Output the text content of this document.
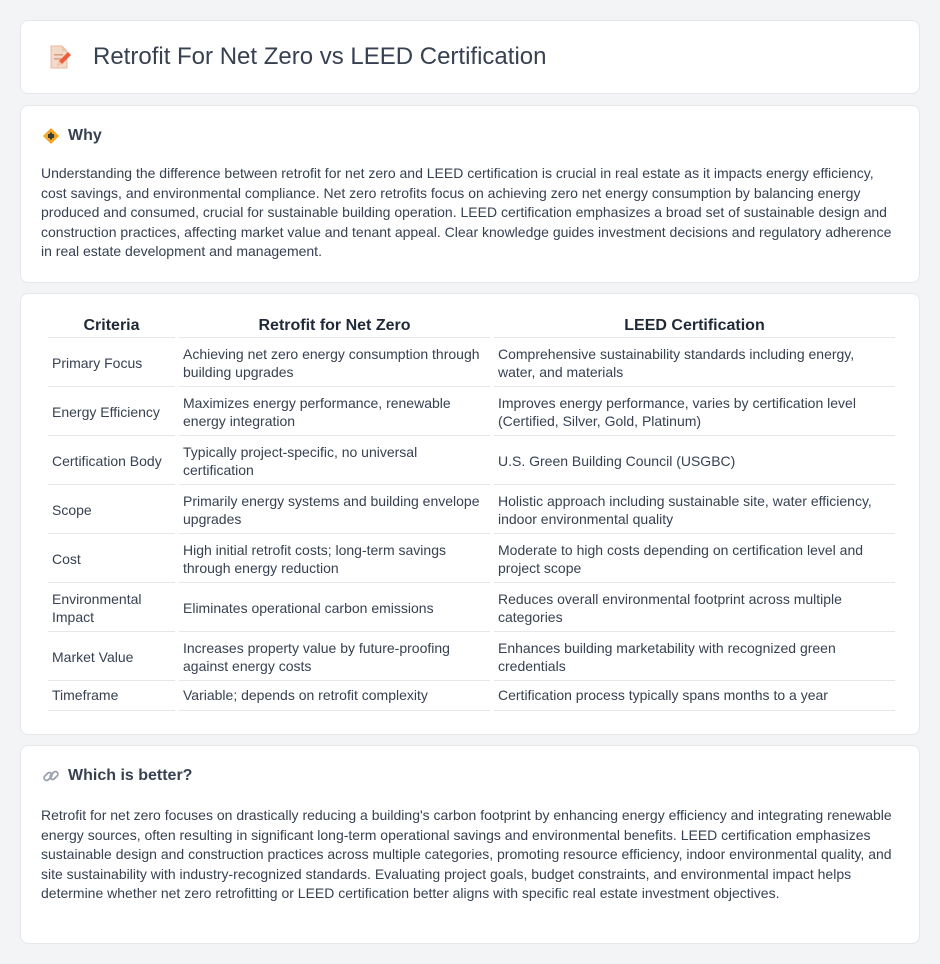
Retrofit For Net Zero vs LEED Certification
Why

Understanding the difference between retrofit for net zero and LEED certification is crucial in real estate as it impacts energy efficiency, cost savings, and environmental compliance. Net zero retrofits focus on achieving zero net energy consumption by balancing energy produced and consumed, crucial for sustainable building operation. LEED certification emphasizes a broad set of sustainable design and construction practices, affecting market value and tenant appeal. Clear knowledge guides investment decisions and regulatory adherence in real estate development and management.

Criteria	Retrofit for Net Zero	LEED Certification
Primary Focus	Achieving net zero energy consumption through building upgrades	Comprehensive sustainability standards including energy, water, and materials
Energy Efficiency	Maximizes energy performance, renewable energy integration	Improves energy performance, varies by certification level (Certified, Silver, Gold, Platinum)
Certification Body	Typically project-specific, no universal certification	U.S. Green Building Council (USGBC)
Scope	Primarily energy systems and building envelope upgrades	Holistic approach including sustainable site, water efficiency, indoor environmental quality
Cost	High initial retrofit costs; long-term savings through energy reduction	Moderate to high costs depending on certification level and project scope
Environmental Impact	Eliminates operational carbon emissions	Reduces overall environmental footprint across multiple categories
Market Value	Increases property value by future-proofing against energy costs	Enhances building marketability with recognized green credentials
Timeframe	Variable; depends on retrofit complexity	Certification process typically spans months to a year
Which is better?

Retrofit for net zero focuses on drastically reducing a building's carbon footprint by enhancing energy efficiency and integrating renewable energy sources, often resulting in significant long-term operational savings and environmental benefits. LEED certification emphasizes sustainable design and construction practices across multiple categories, promoting resource efficiency, indoor environmental quality, and site sustainability with industry-recognized standards. Evaluating project goals, budget constraints, and environmental impact helps determine whether net zero retrofitting or LEED certification better aligns with specific real estate investment objectives.
